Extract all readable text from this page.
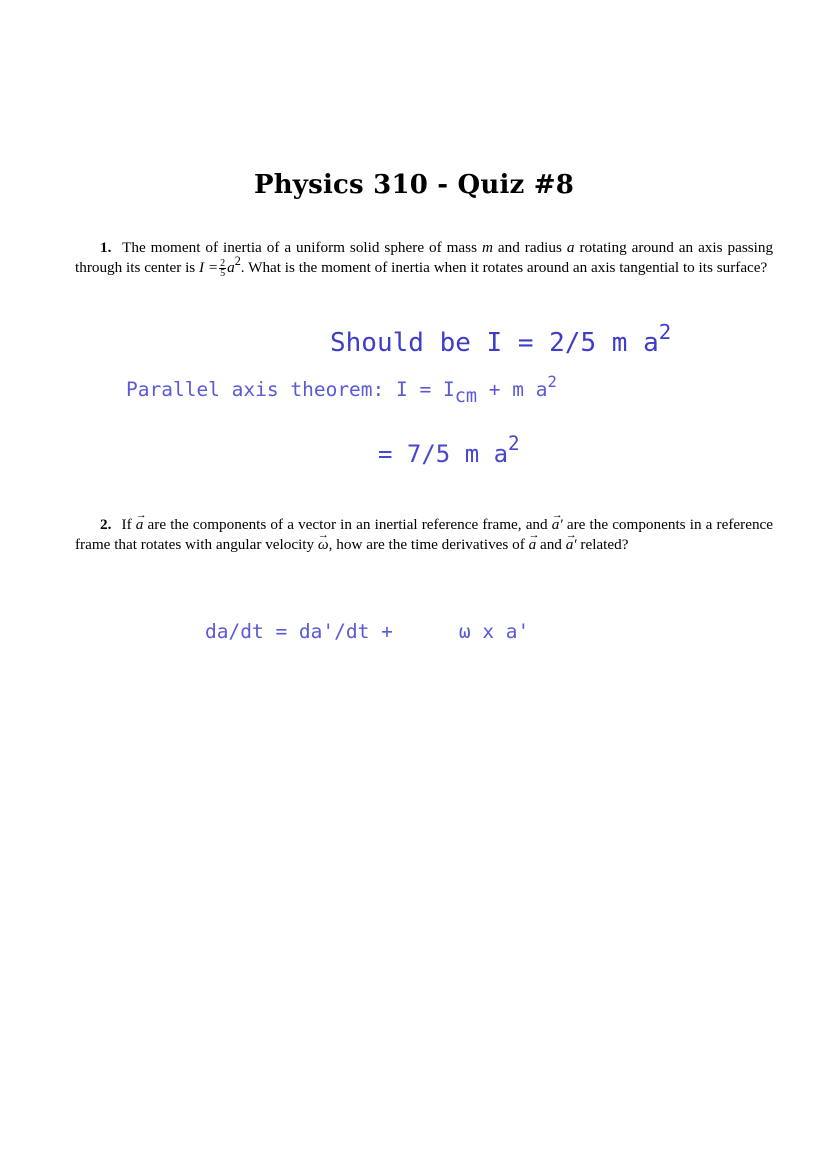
Physics 310 - Quiz #8
1. The moment of inertia of a uniform solid sphere of mass m and radius a rotating around an axis passing through its center is $I = \frac{2}{5} a^2$. What is the moment of inertia when it rotates around an axis tangential to its surface?
Should be I = 2/5 m $a^2$
Parallel axis theorem: I = Icm + m $a^2$
= 7/5 m $a^2$
2. If → a are the components of a vector in an inertial reference frame, and → a′ are the components in a reference frame that rotates with angular velocity → ω, how are the time derivatives of → a and → a′ related?
da/dt = da'/dt +	ω x a'
